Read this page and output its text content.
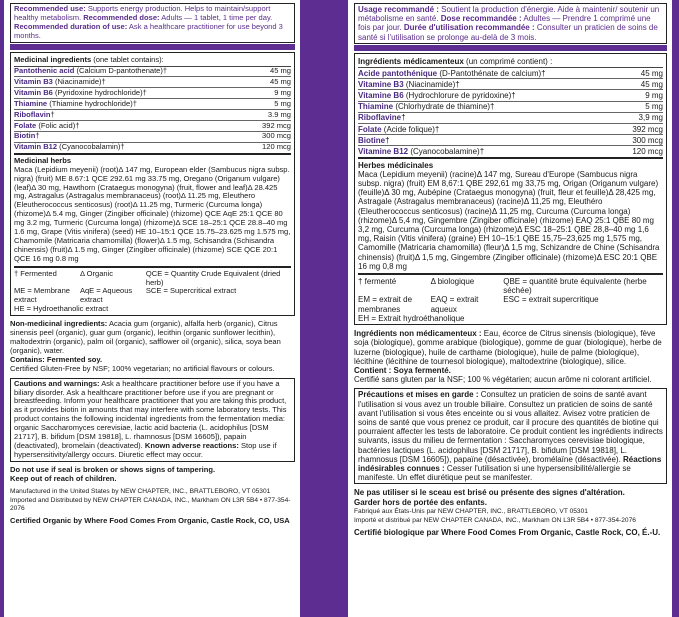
Recommended use: Supports energy production. Helps to maintain/support healthy metabolism. Recommended dose: Adults — 1 tablet, 1 time per day. Recommended duration of use: Ask a healthcare practitioner for use beyond 3 months.
Medicinal ingredients (one tablet contains):
Pantothenic acid (Calcium D-pantothenate)†	45 mg
Vitamin B3 (Niacinamide)†	45 mg
Vitamin B6 (Pyridoxine hydrochloride)†	9 mg
Thiamine (Thiamine hydrochloride)†	5 mg
Riboflavin†	3.9 mg
Folate (Folic acid)†	392 mcg
Biotin†	300 mcg
Vitamin B12 (Cyanocobalamin)†	120 mcg
Medicinal herbs

Maca (Lepidium meyenii) (root)Δ 147 mg, European elder (Sambucus nigra subsp. nigra) (fruit) ME 8.67:1 QCE 292.61 mg 33.75 mg, Oregano (Origanum vulgare) (leaf)Δ 30 mg, Hawthorn (Crataegus monogyna) (fruit, flower and leaf)Δ 28.425 mg, Astragalus (Astragalus membranaceus) (root)Δ 11.25 mg, Eleuthero (Eleutherococcus senticosus) (root)Δ 11.25 mg, Turmeric (Curcuma longa) (rhizome)Δ 5.4 mg, Ginger (Zingiber officinale) (rhizome) QCE AqE 25:1 QCE 80 mg 3.2 mg, Turmeric (Curcuma longa) (rhizome)Δ SCE 18–25:1 QCE 28.8–40 mg 1.6 mg, Grape (Vitis vinifera) (seed) HE 10–15:1 QCE 15.75–23.625 mg 1.575 mg, Chamomile (Matricaria chamomilla) (flower)Δ 1.5 mg, Schisandra (Schisandra chinensis) (fruit)Δ 1.5 mg, Ginger (Zingiber officinale) (rhizome) SCE QCE 20:1 QCE 16 mg 0.8 mg

† Fermented	Δ Organic	QCE = Quantity Crude Equivalent (dried herb)
ME = Membrane extract
AqE = Aqueous extract
SCE = Supercritical extract
HE = Hydroethanolic extract

Non-medicinal ingredients: Acacia gum (organic), alfalfa herb (organic), Citrus sinensis peel (organic), guar gum (organic), lecithin (organic sunflower lecithin), maltodextrin (organic), palm oil (organic), safflower oil (organic), silica, soya bean (organic), water.

Contains: Fermented soy.

Certified Gluten-Free by NSF; 100% vegetarian; no artificial flavours or colours.

Cautions and warnings: Ask a healthcare practitioner before use if you have a biliary disorder. Ask a healthcare practitioner before use if you are pregnant or breastfeeding. Inform your healthcare practitioner that you are taking this product, as it provides biotin in amounts that may interfere with some laboratory tests. This product contains the following incidental ingredients from the fermentation media: organic Saccharomyces cerevisiae, lactic acid bacteria (L. acidophilus [DSM 21717], B. bifidum [DSM 19818], L. rhamnosus [DSM 16605]), papain (deactivated), bromelain (deactivated). Known adverse reactions: Stop use if hypersensitivity/allergy occurs. Diuretic effect may occur.

Do not use if seal is broken or shows signs of tampering.

Keep out of reach of children.

Manufactured in the United States by NEW CHAPTER, INC., BRATTLEBORO, VT 05301

Imported and Distributed by NEW CHAPTER CANADA, INC., Markham ON L3R 5B4 • 877-354-2076

Certified Organic by Where Food Comes From Organic, Castle Rock, CO, USA

Usage recommandé : Soutient la production d'énergie. Aide à maintenir/ soutenir un métabolisme en santé. Dose recommandée : Adultes — Prendre 1 comprimé une fois par jour. Durée d'utilisation recommandée : Consulter un praticien de soins de santé si l'utilisation se prolonge au-delà de 3 mois.
Ingrédients médicamenteux (un comprimé contient) :
Acide pantothénique (D-Pantothénate de calcium)†	45 mg
Vitamine B3 (Niacinamide)†	45 mg
Vitamine B6 (Hydrochlorure de pyridoxine)†	9 mg
Thiamine (Chlorhydrate de thiamine)†	5 mg
Riboflavine†	3,9 mg
Folate (Acide folique)†	392 mcg
Biotine†	300 mcg
Vitamine B12 (Cyanocobalamine)†	120 mcg
Herbes médicinales

Maca (Lepidium meyenii) (racine)Δ 147 mg, Sureau d'Europe (Sambucus nigra subsp. nigra) (fruit) EM 8,67:1 QBE 292,61 mg 33,75 mg, Origan (Origanum vulgare) (feuille)Δ 30 mg, Aubépine (Crataegus monogyna) (fruit, fleur et feuille)Δ 28,425 mg, Astragale (Astragalus membranaceus) (racine)Δ 11,25 mg, Eleuthéro (Eleutherococcus senticosus) (racine)Δ 11,25 mg, Curcuma (Curcuma longa) (rhizome)Δ 5,4 mg, Gingembre (Zingiber officinale) (rhizome) EAQ 25:1 QBE 80 mg 3,2 mg, Curcuma (Curcuma longa) (rhizome)Δ ESC 18–25:1 QBE 28,8–40 mg 1,6 mg, Raisin (Vitis vinifera) (graine) EH 10–15:1 QBE 15,75–23,625 mg 1,575 mg, Camomille (Matricaria chamomilla) (fleur)Δ 1,5 mg, Schizandre de Chine (Schisandra chinensis) (fruit)Δ 1,5 mg, Gingembre (Zingiber officinale) (rhizome)Δ ESC 20:1 QBE 16 mg 0,8 mg

† fermenté	Δ biologique	QBE = quantité brute équivalente (herbe séchée)
EM = extrait de membranes
EAQ = extrait aqueux
ESC = extrait supercritique
EH = Extrait hydroéthanolique

Ingrédients non médicamenteux : Eau, écorce de Citrus sinensis (biologique), fève soja (biologique), gomme arabique (biologique), gomme de guar (biologique), herbe de luzerne (biologique), huile de carthame (biologique), huile de palme (biologique), lécithine (lécithine de tournesol biologique), maltodextrine (biologique), silice.

Contient : Soya fermenté.

Certifié sans gluten par la NSF; 100 % végétarien; aucun arôme ni colorant artificiel.

Précautions et mises en garde : Consultez un praticien de soins de santé avant l'utilisation si vous avez un trouble biliaire. Consultez un praticien de soins de santé avant l'utilisation si vous êtes enceinte ou si vous allaitez. Avisez votre praticien de soins de santé que vous prenez ce produit, car il procure des quantités de biotine qui pourraient affecter les tests de laboratoire. Ce produit contient les ingrédients indirects suivants, issus du milieu de fermentation : Saccharomyces cerevisiae biologique, bactéries lactiques (L. acidophilus [DSM 21717], B. bifidum [DSM 19818], L. rhamnosus [DSM 16605]), papaïne (désactivée), bromélaïne (désactivée). Réactions indésirables connues : Cesser l'utilisation si une hypersensibilité/allergie se manifeste. Un effet diurétique peut se manifester.

Ne pas utiliser si le sceau est brisé ou présente des signes d'altération.

Garder hors de portée des enfants.

Fabriqué aux États-Unis par NEW CHAPTER, INC., BRATTLEBORO, VT 05301

Importé et distribué par NEW CHAPTER CANADA, INC., Markham ON L3R 5B4 • 877-354-2076

Certifié biologique par Where Food Comes From Organic, Castle Rock, CO, É.-U.
